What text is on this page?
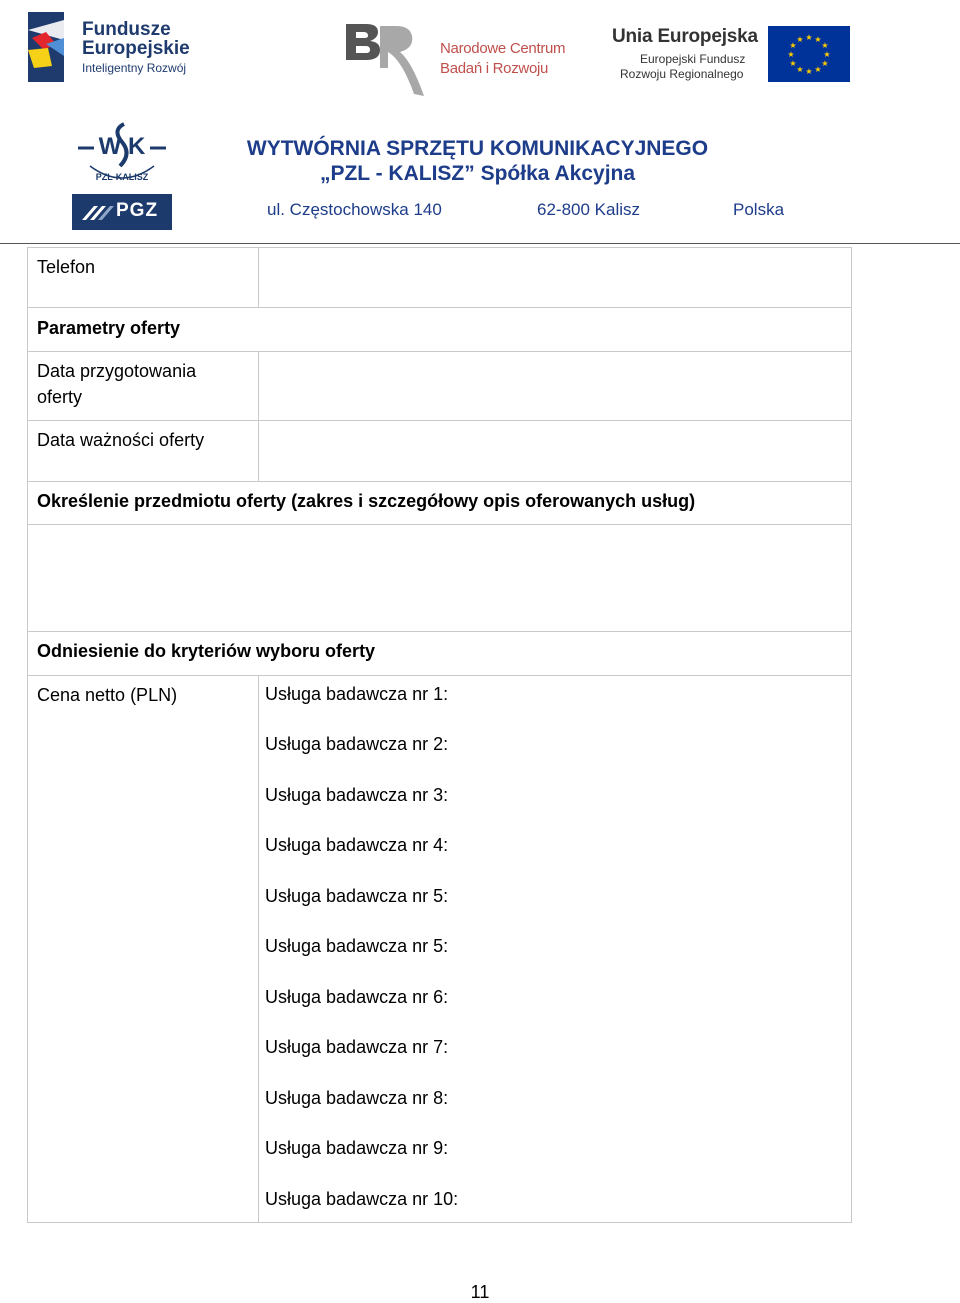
Fundusze
Europejskie
Inteligentny Rozwój
Narodowe Centrum
Badań i Rozwoju
Unia Europejska
Europejski Fundusz
Rozwoju Regionalnego
★ ★
★
★
★
★
★
★
★
★
★
★
W K
PZL-KALISZ
PGZ
WYTWÓRNIA SPRZĘTU KOMUNIKACYJNEGO
„PZL - KALISZ” Spółka Akcyjna
ul. Częstochowska 140	62-800 Kalisz	Polska
Telefon
Parametry oferty
Data przygotowania
oferty
Data ważności oferty
Określenie przedmiotu oferty (zakres i szczegółowy opis oferowanych usług)
Odniesienie do kryteriów wyboru oferty
Cena netto (PLN)	Usługa badawcza nr 1:
Usługa badawcza nr 2:
Usługa badawcza nr 3:
Usługa badawcza nr 4:
Usługa badawcza nr 5:
Usługa badawcza nr 5:
Usługa badawcza nr 6:
Usługa badawcza nr 7:
Usługa badawcza nr 8:
Usługa badawcza nr 9:
Usługa badawcza nr 10:
11
